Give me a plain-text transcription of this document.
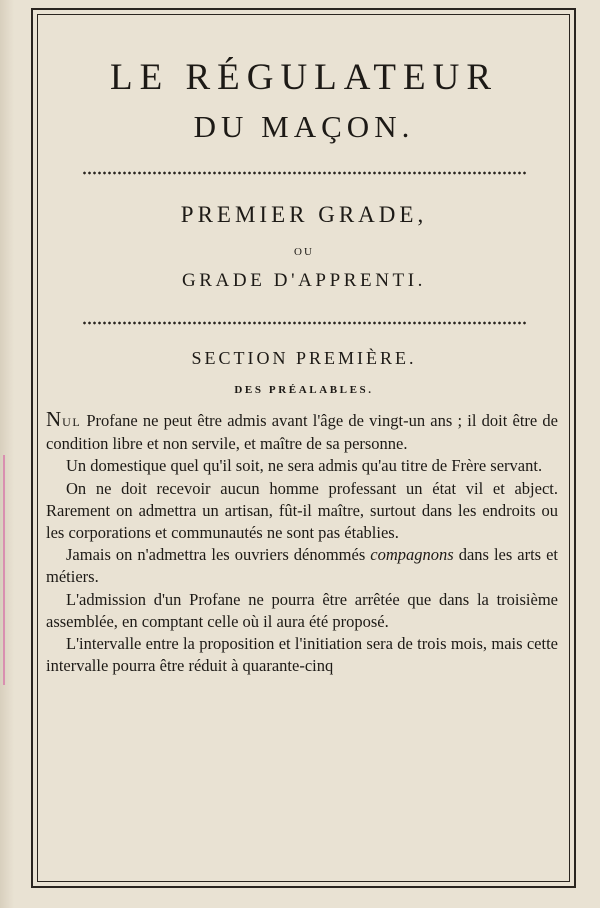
LE RÉGULATEUR
DU MAÇON.
PREMIER GRADE,
OU
GRADE D'APPRENTI.
SECTION PREMIÈRE.
DES PRÉALABLES.

NUL Profane ne peut être admis avant l'âge de vingt-un ans ; il doit être de condition libre et non servile, et maître de sa personne.

Un domestique quel qu'il soit, ne sera admis qu'au titre de Frère servant.

On ne doit recevoir aucun homme professant un état vil et abject. Rarement on admettra un artisan, fût-il maître, surtout dans les endroits ou les corporations et communautés ne sont pas établies.

Jamais on n'admettra les ouvriers dénommés compagnons dans les arts et métiers.

L'admission d'un Profane ne pourra être arrêtée que dans la troisième assemblée, en comptant celle où il aura été proposé.

L'intervalle entre la proposition et l'initiation sera de trois mois, mais cette intervalle pourra être réduit à quarante-cinq
